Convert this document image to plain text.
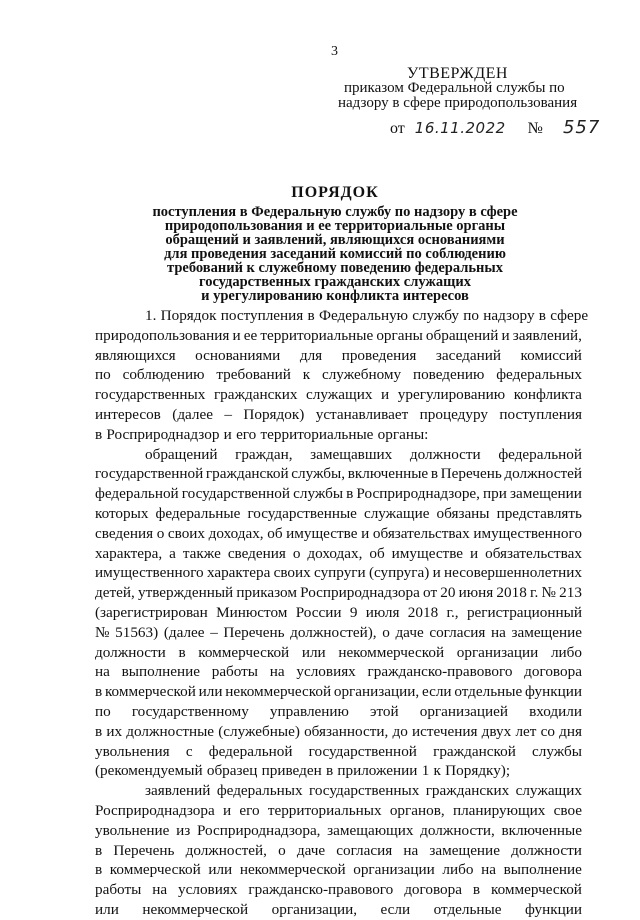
3
УТВЕРЖДЕН
приказом Федеральной службы по
надзору в сфере природопользования
от 16.11.2022 № 557
ПОРЯДОК
поступления в Федеральную службу по надзору в сфере
природопользования и ее территориальные органы
обращений и заявлений, являющихся основаниями
для проведения заседаний комиссий по соблюдению
требований к служебному поведению федеральных
государственных гражданских служащих
и урегулированию конфликта интересов
1. Порядок поступления в Федеральную службу по надзору в сфере
природопользования и ее территориальные органы обращений и заявлений,
являющихся основаниями для проведения заседаний комиссий
по соблюдению требований к служебному поведению федеральных
государственных гражданских служащих и урегулированию конфликта
интересов (далее – Порядок) устанавливает процедуру поступления
в Росприроднадзор и его территориальные органы:
обращений граждан, замещавших должности федеральной
государственной гражданской службы, включенные в Перечень должностей
федеральной государственной службы в Росприроднадзоре, при замещении
которых федеральные государственные служащие обязаны представлять
сведения о своих доходах, об имуществе и обязательствах имущественного
характера, а также сведения о доходах, об имуществе и обязательствах
имущественного характера своих супруги (супруга) и несовершеннолетних
детей, утвержденный приказом Росприроднадзора от 20 июня 2018 г. № 213
(зарегистрирован Минюстом России 9 июля 2018 г., регистрационный
№ 51563) (далее – Перечень должностей), о даче согласия на замещение
должности в коммерческой или некоммерческой организации либо
на выполнение работы на условиях гражданско-правового договора
в коммерческой или некоммерческой организации, если отдельные функции
по государственному управлению этой организацией входили
в их должностные (служебные) обязанности, до истечения двух лет со дня
увольнения с федеральной государственной гражданской службы
(рекомендуемый образец приведен в приложении 1 к Порядку);
заявлений федеральных государственных гражданских служащих
Росприроднадзора и его территориальных органов, планирующих свое
увольнение из Росприроднадзора, замещающих должности, включенные
в Перечень должностей, о даче согласия на замещение должности
в коммерческой или некоммерческой организации либо на выполнение
работы на условиях гражданско-правового договора в коммерческой
или некоммерческой организации, если отдельные функции
